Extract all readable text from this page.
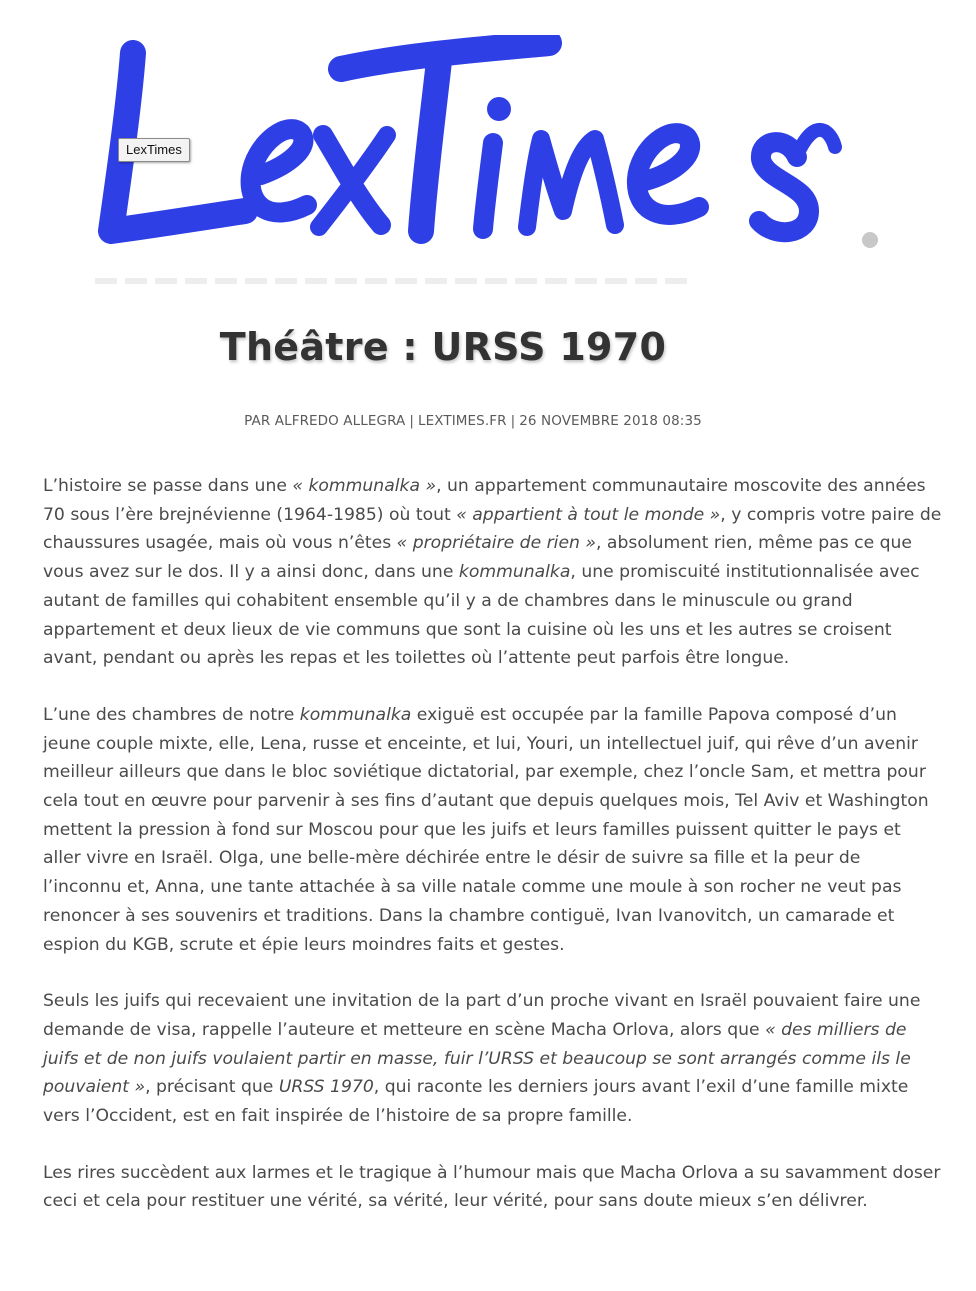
LexTimes
Théâtre : URSS 1970
PAR ALFREDO ALLEGRA | LEXTIMES.FR | 26 NOVEMBRE 2018 08:35

L’histoire se passe dans une « kommunalka », un appartement communautaire moscovite des années 70 sous l’ère brejnévienne (1964-1985) où tout « appartient à tout le monde », y compris votre paire de chaussures usagée, mais où vous n’êtes « propriétaire de rien », absolument rien, même pas ce que vous avez sur le dos. Il y a ainsi donc, dans une kommunalka, une promiscuité institutionnalisée avec autant de familles qui cohabitent ensemble qu’il y a de chambres dans le minuscule ou grand appartement et deux lieux de vie communs que sont la cuisine où les uns et les autres se croisent avant, pendant ou après les repas et les toilettes où l’attente peut parfois être longue.

L’une des chambres de notre kommunalka exiguë est occupée par la famille Papova composé d’un jeune couple mixte, elle, Lena, russe et enceinte, et lui, Youri, un intellectuel juif, qui rêve d’un avenir meilleur ailleurs que dans le bloc soviétique dictatorial, par exemple, chez l’oncle Sam, et mettra pour cela tout en œuvre pour parvenir à ses fins d’autant que depuis quelques mois, Tel Aviv et Washington mettent la pression à fond sur Moscou pour que les juifs et leurs familles puissent quitter le pays et aller vivre en Israël. Olga, une belle-mère déchirée entre le désir de suivre sa fille et la peur de l’inconnu et, Anna, une tante attachée à sa ville natale comme une moule à son rocher ne veut pas renoncer à ses souvenirs et traditions. Dans la chambre contiguë, Ivan Ivanovitch, un camarade et espion du KGB, scrute et épie leurs moindres faits et gestes.

Seuls les juifs qui recevaient une invitation de la part d’un proche vivant en Israël pouvaient faire une demande de visa, rappelle l’auteure et metteure en scène Macha Orlova, alors que « des milliers de juifs et de non juifs voulaient partir en masse, fuir l’URSS et beaucoup se sont arrangés comme ils le pouvaient », précisant que URSS 1970, qui raconte les derniers jours avant l’exil d’une famille mixte vers l’Occident, est en fait inspirée de l’histoire de sa propre famille.

Les rires succèdent aux larmes et le tragique à l’humour mais que Macha Orlova a su savamment doser ceci et cela pour restituer une vérité, sa vérité, leur vérité, pour sans doute mieux s’en délivrer.
